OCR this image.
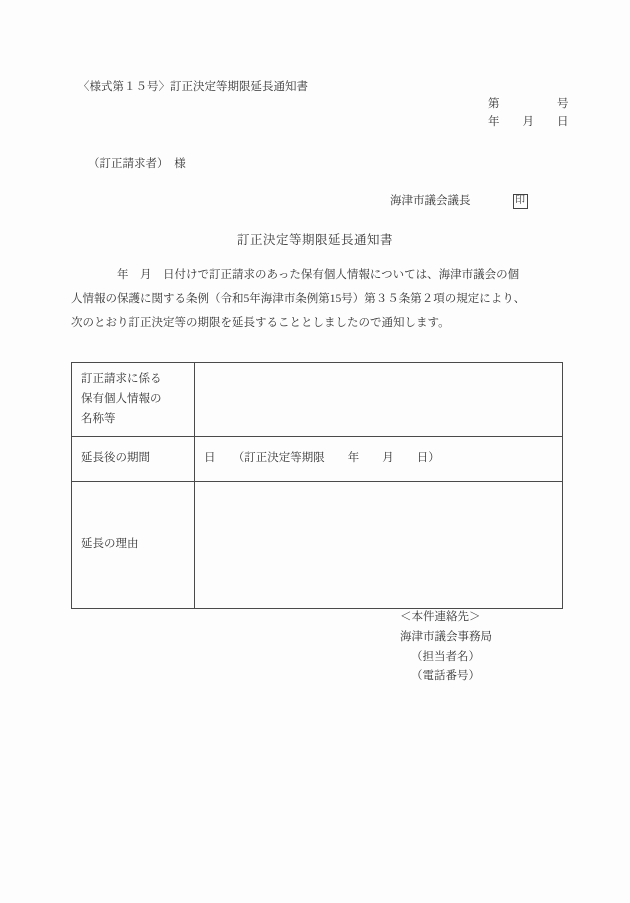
〈様式第１５号〉訂正決定等期限延長通知書
第　　　　　号
年　　月　　日
（訂正請求者）　様
海津市議会議長	印
訂正決定等期限延長通知書
年　月　日付けで訂正請求のあった保有個人情報については、海津市議会の個
人情報の保護に関する条例（令和5年海津市条例第15号）第３５条第２項の規定により、
次のとおり訂正決定等の期限を延長することとしましたので通知します。
訂正請求に係る
保有個人情報の
名称等	

延長後の期間	日　　（訂正決定等期限　　年　　月　　日）
延長の理由	
＜本件連絡先＞
海津市議会事務局
（担当者名）
（電話番号）
